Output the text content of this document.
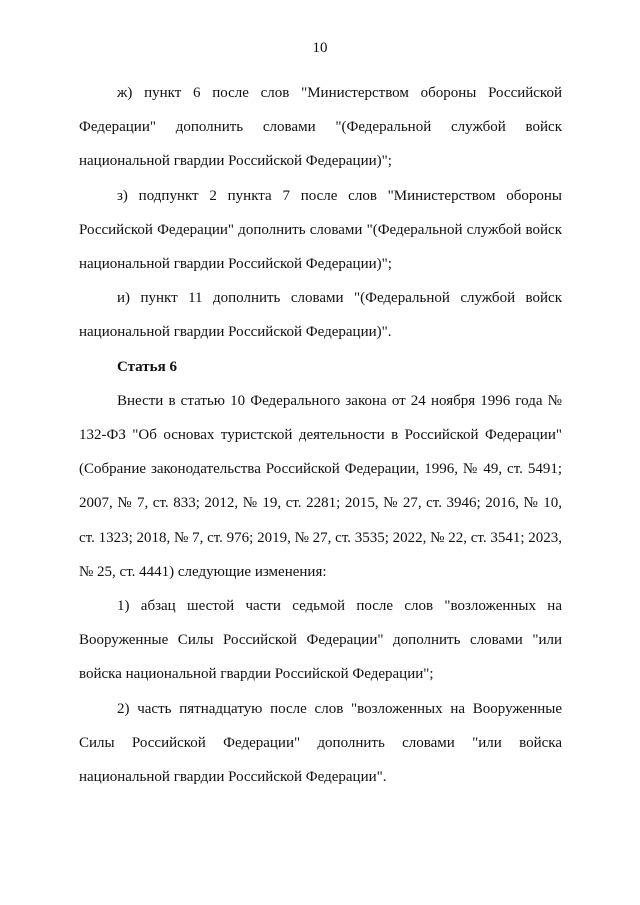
10

ж) пункт 6 после слов "Министерством обороны Российской Федерации" дополнить словами "(Федеральной службой войск национальной гвардии Российской Федерации)";

з) подпункт 2 пункта 7 после слов "Министерством обороны Российской Федерации" дополнить словами "(Федеральной службой войск национальной гвардии Российской Федерации)";

и) пункт 11 дополнить словами "(Федеральной службой войск национальной гвардии Российской Федерации)".

Статья 6

Внести в статью 10 Федерального закона от 24 ноября 1996 года № 132-ФЗ "Об основах туристской деятельности в Российской Федерации" (Собрание законодательства Российской Федерации, 1996, № 49, ст. 5491; 2007, № 7, ст. 833; 2012, № 19, ст. 2281; 2015, № 27, ст. 3946; 2016, № 10, ст. 1323; 2018, № 7, ст. 976; 2019, № 27, ст. 3535; 2022, № 22, ст. 3541; 2023, № 25, ст. 4441) следующие изменения:

1) абзац шестой части седьмой после слов "возложенных на Вооруженные Силы Российской Федерации" дополнить словами "или войска национальной гвардии Российской Федерации";

2) часть пятнадцатую после слов "возложенных на Вооруженные Силы Российской Федерации" дополнить словами "или войска национальной гвардии Российской Федерации".
